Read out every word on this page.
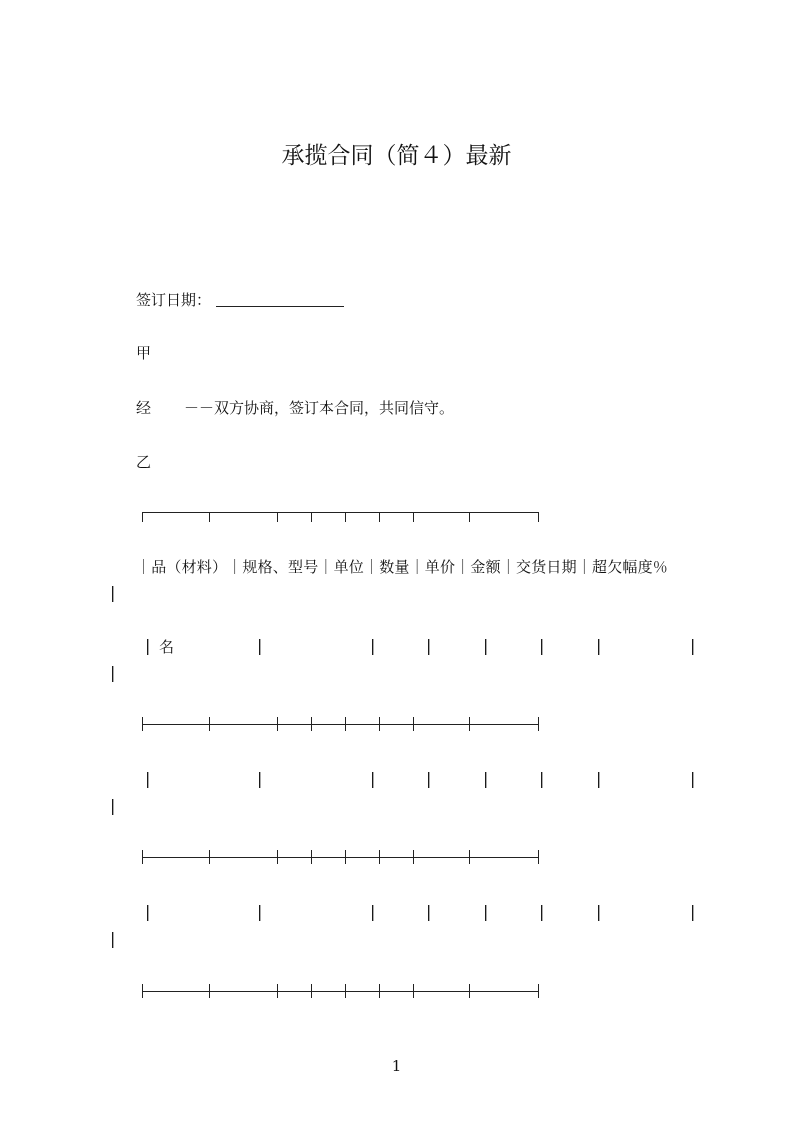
承揽合同（简４）最新
签订日期：
甲
经 －－双方协商，签订本合同，共同信守。
乙
｜品（材料）｜规格、型号｜单位｜数量｜单价｜金额｜交货日期｜超欠幅度％
|
| 名	|	|	|	|	|	|	|
|
|	|	|	|	|	|	|	|
|
|	|	|	|	|	|	|	|
|
1
